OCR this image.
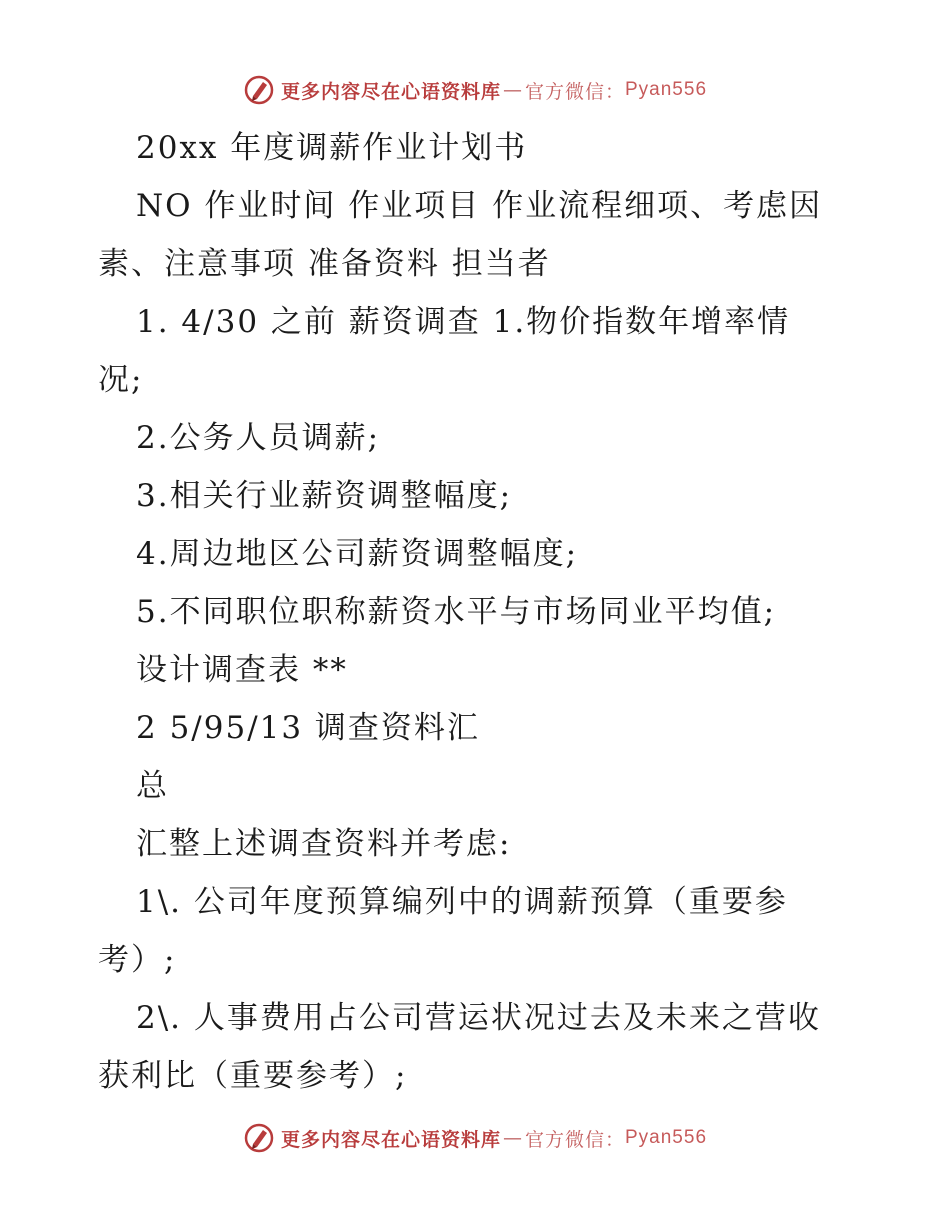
更多内容尽在心语资料库 — 官方微信： Pyan556
20xx 年度调薪作业计划书
NO 作业时间 作业项目 作业流程细项、考虑因
素、注意事项 准备资料 担当者
1. 4/30 之前 薪资调查 1.物价指数年增率情
况;
2.公务人员调薪;
3.相关行业薪资调整幅度;
4.周边地区公司薪资调整幅度;
5.不同职位职称薪资水平与市场同业平均值;
设计调查表 **
2 5/95/13 调查资料汇
总
汇整上述调查资料并考虑:
1\. 公司年度预算编列中的调薪预算（重要参
考）;
2\. 人事费用占公司营运状况过去及未来之营收
获利比（重要参考）;
更多内容尽在心语资料库 — 官方微信： Pyan556
